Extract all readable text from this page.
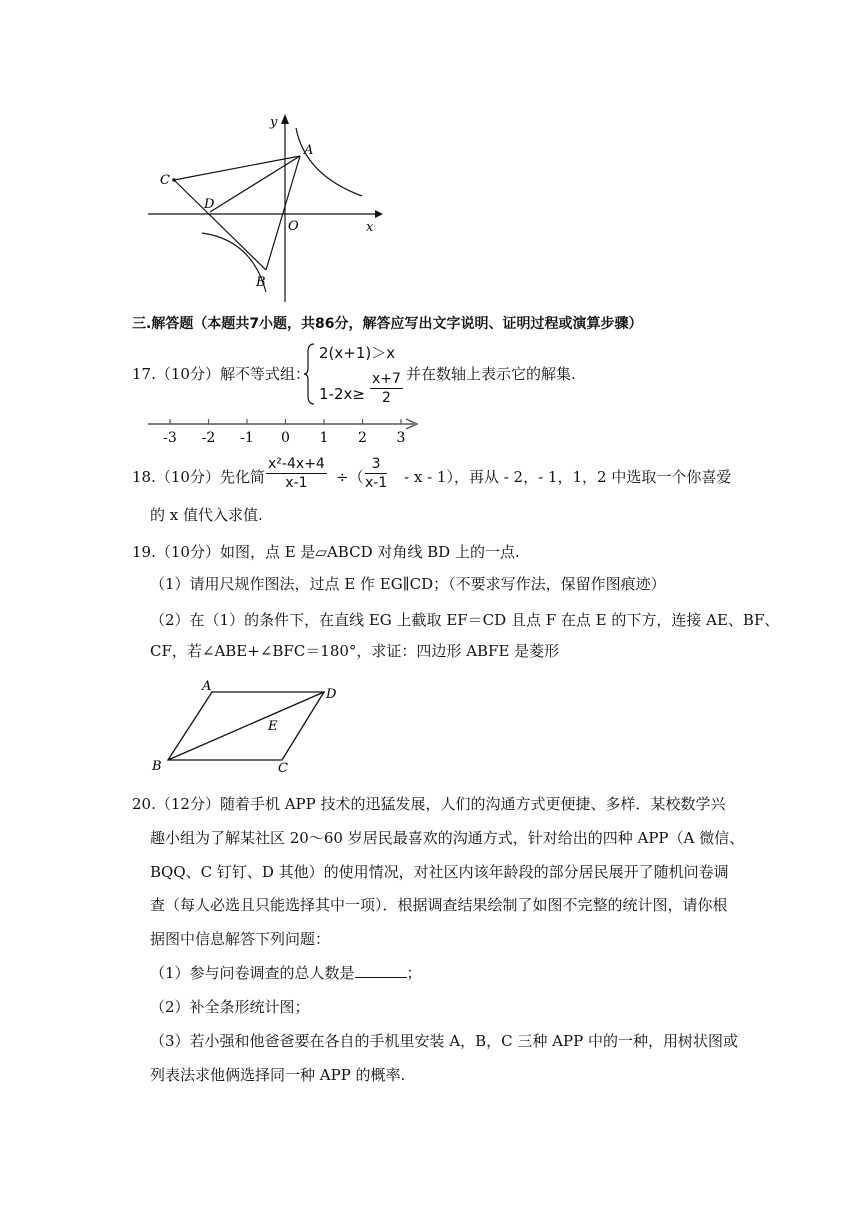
y
A
C
D
O	x
B
三.解答题（本题共7小题，共86分，解答应写出文字说明、证明过程或演算步骤）
17.（10分）解不等式组：
2(x+1)＞x
$1-2x\ge \frac{x+7}{2}$ 并在数轴上表示它的解集.
-3 -2 -1 0 1 2 3
18.（10分）先化简 $\frac{\text{x²-4x+4}}{x-1}$ ÷（ $\frac{3}{x-1}$ - x - 1），再从 - 2，- 1，1，2 中选取一个你喜爱
的 x 值代入求值.
19.（10分）如图，点 E 是▱ABCD 对角线 BD 上的一点.
（1）请用尺规作图法，过点 E 作 EG∥CD；（不要求写作法，保留作图痕迹）
（2）在（1）的条件下，在直线 EG 上截取 EF＝CD 且点 F 在点 E 的下方，连接 AE、BF、
CF，若∠ABE+∠BFC＝180°，求证：四边形 ABFE 是菱形
A
D
E
B	C
20.（12分）随着手机 APP 技术的迅猛发展，人们的沟通方式更便捷、多样．某校数学兴
趣小组为了解某社区 20～60 岁居民最喜欢的沟通方式，针对给出的四种 APP（A 微信、
BQQ、C 钉钉、D 其他）的使用情况，对社区内该年龄段的部分居民展开了随机问卷调
查（每人必选且只能选择其中一项）．根据调查结果绘制了如图不完整的统计图，请你根
据图中信息解答下列问题：
（1）参与问卷调查的总人数是	；
（2）补全条形统计图；
（3）若小强和他爸爸要在各自的手机里安装 A，B，C 三种 APP 中的一种，用树状图或
列表法求他俩选择同一种 APP 的概率.
